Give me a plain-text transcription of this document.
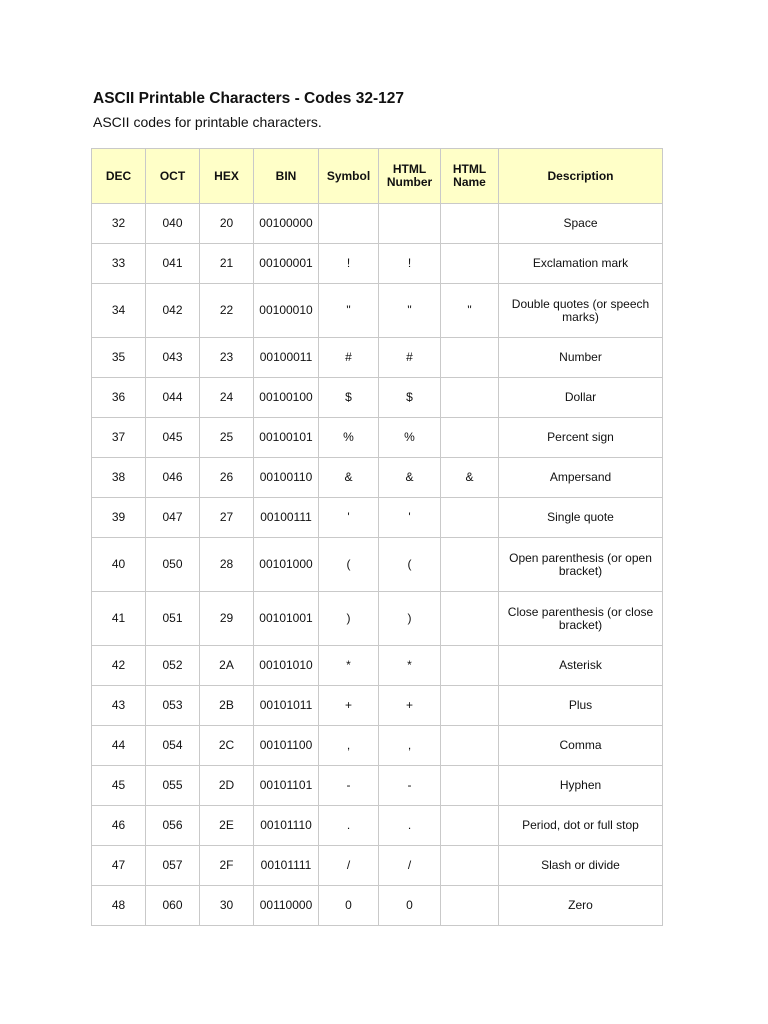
ASCII Printable Characters - Codes 32-127

ASCII codes for printable characters.

DEC	OCT	HEX	BIN	Symbol	HTML Number	HTML Name	Description
32	040	20	00100000				Space
33	041	21	00100001	!	!		Exclamation mark
34	042	22	00100010	"	"	"	Double quotes (or speech marks)
35	043	23	00100011	#	#		Number
36	044	24	00100100	$	$		Dollar
37	045	25	00100101	%	%		Percent sign
38	046	26	00100110	&	&	&	Ampersand
39	047	27	00100111	'	'		Single quote
40	050	28	00101000	(	(		Open parenthesis (or open bracket)
41	051	29	00101001	)	)		Close parenthesis (or close bracket)
42	052	2A	00101010	*	*		Asterisk
43	053	2B	00101011	+	+		Plus
44	054	2C	00101100	,	,		Comma
45	055	2D	00101101	-	-		Hyphen
46	056	2E	00101110	.	.		Period, dot or full stop
47	057	2F	00101111	/	/		Slash or divide
48	060	30	00110000	0	0		Zero
